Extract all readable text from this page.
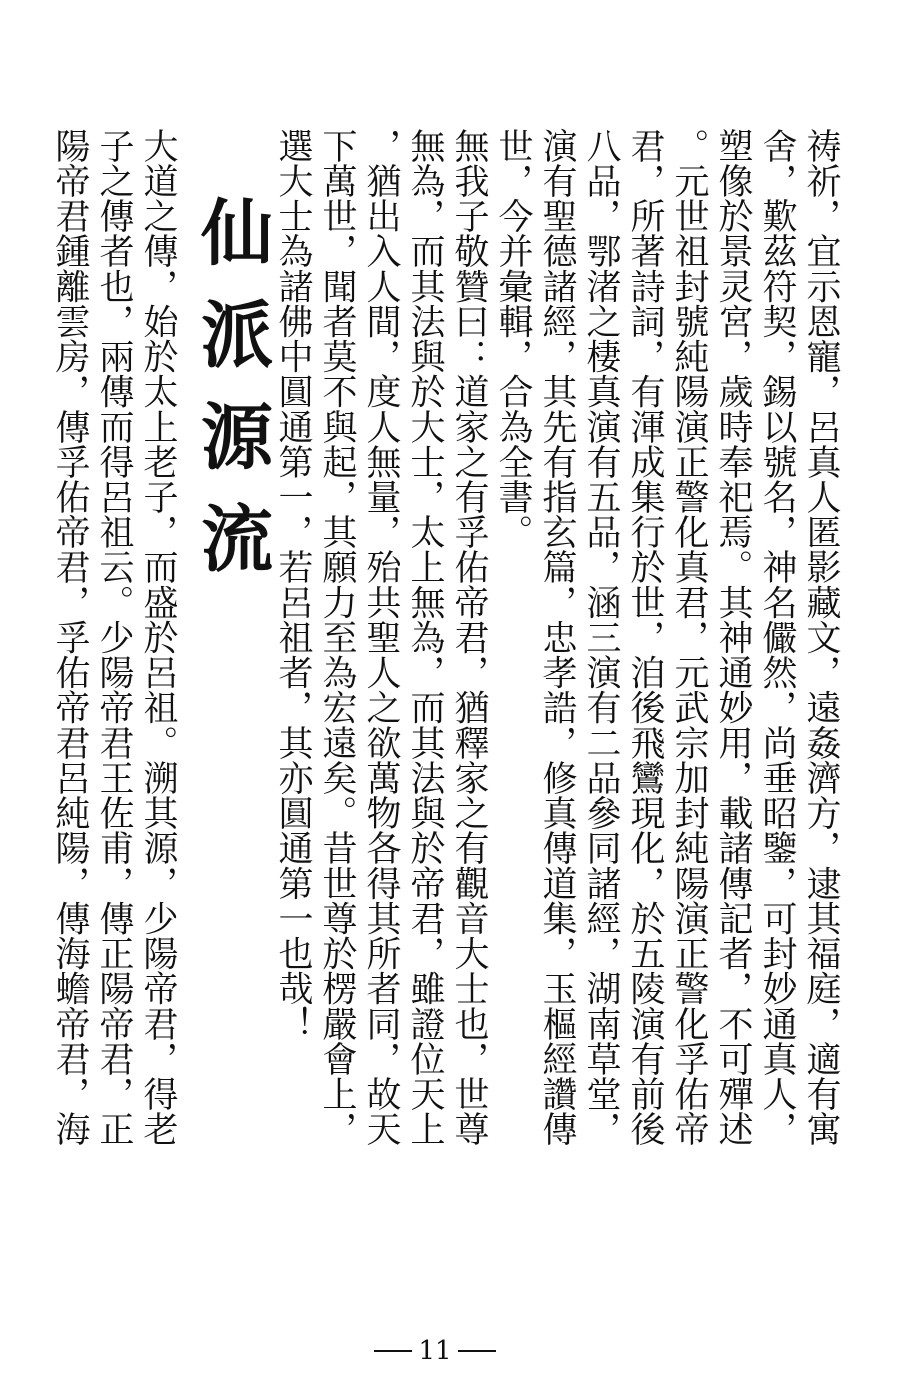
祷祈，宜示恩寵，呂真人匿影藏文，遠姦濟方，逮其福庭，適有寓
舍，歎茲符契，錫以號名，神名儼然，尚垂昭鑒，可封妙通真人，
塑像於景灵宮，歲時奉祀焉。其神通妙用，載諸傳記者，不可殫述
。元世祖封號純陽演正警化真君，元武宗加封純陽演正警化孚佑帝
君，所著詩詞，有渾成集行於世，洎後飛鸞現化，於五陵演有前後
八品，鄂渚之棲真演有五品，涵三演有二品參同諸經，湖南草堂，
演有聖德諸經，其先有指玄篇，忠孝誥，修真傳道集，玉樞經讚傳
世，今并彙輯，合為全書。
無我子敬贊曰：道家之有孚佑帝君，猶釋家之有觀音大士也，世尊
無為，而其法與於大士，太上無為，而其法與於帝君，雖證位天上
，猶出入人間，度人無量，殆共聖人之欲萬物各得其所者同，故天
下萬世，聞者莫不與起，其願力至為宏遠矣。昔世尊於楞嚴會上，
選大士為諸佛中圓通第一，若呂祖者，其亦圓通第一也哉！
仙派源流
大道之傳，始於太上老子，而盛於呂祖。溯其源，少陽帝君，得老
子之傳者也，兩傳而得呂祖云。少陽帝君王佐甫，傳正陽帝君，正
陽帝君鍾離雲房，傳孚佑帝君，孚佑帝君呂純陽，傳海蟾帝君，海
11
